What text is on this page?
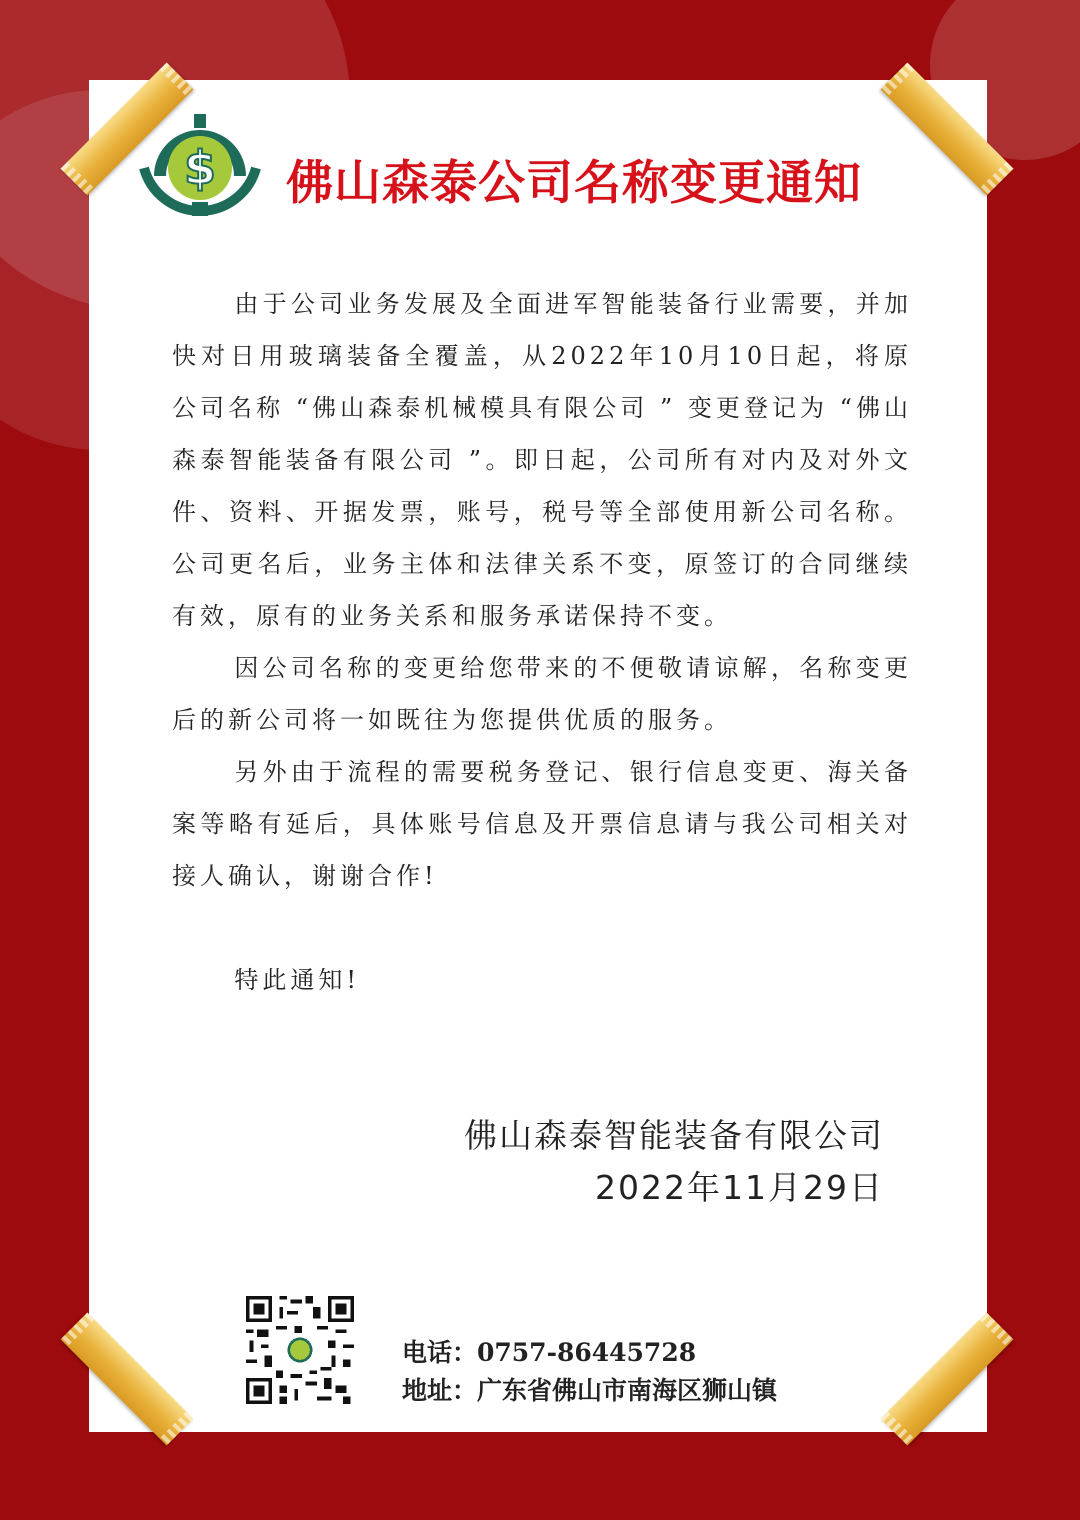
$ 佛山森泰公司名称变更通知

由于公司业务发展及全面进军智能装备行业需要，并加快对日用玻璃装备全覆盖，从2022年10月10日起，将原公司名称 “佛山森泰机械模具有限公司 ” 变更登记为 “佛山森泰智能装备有限公司 ”。即日起，公司所有对内及对外文件、资料、开据发票，账号，税号等全部使用新公司名称。 公司更名后，业务主体和法律关系不变，原签订的合同继续有效，原有的业务关系和服务承诺保持不变。

因公司名称的变更给您带来的不便敬请谅解，名称变更后的新公司将一如既往为您提供优质的服务。

另外由于流程的需要税务登记、银行信息变更、海关备案等略有延后，具体账号信息及开票信息请与我公司相关对接人确认，谢谢合作!

特此通知!

佛山森泰智能装备有限公司
2022年11月29日
电话：0757-86445728
地址：广东省佛山市南海区狮山镇
